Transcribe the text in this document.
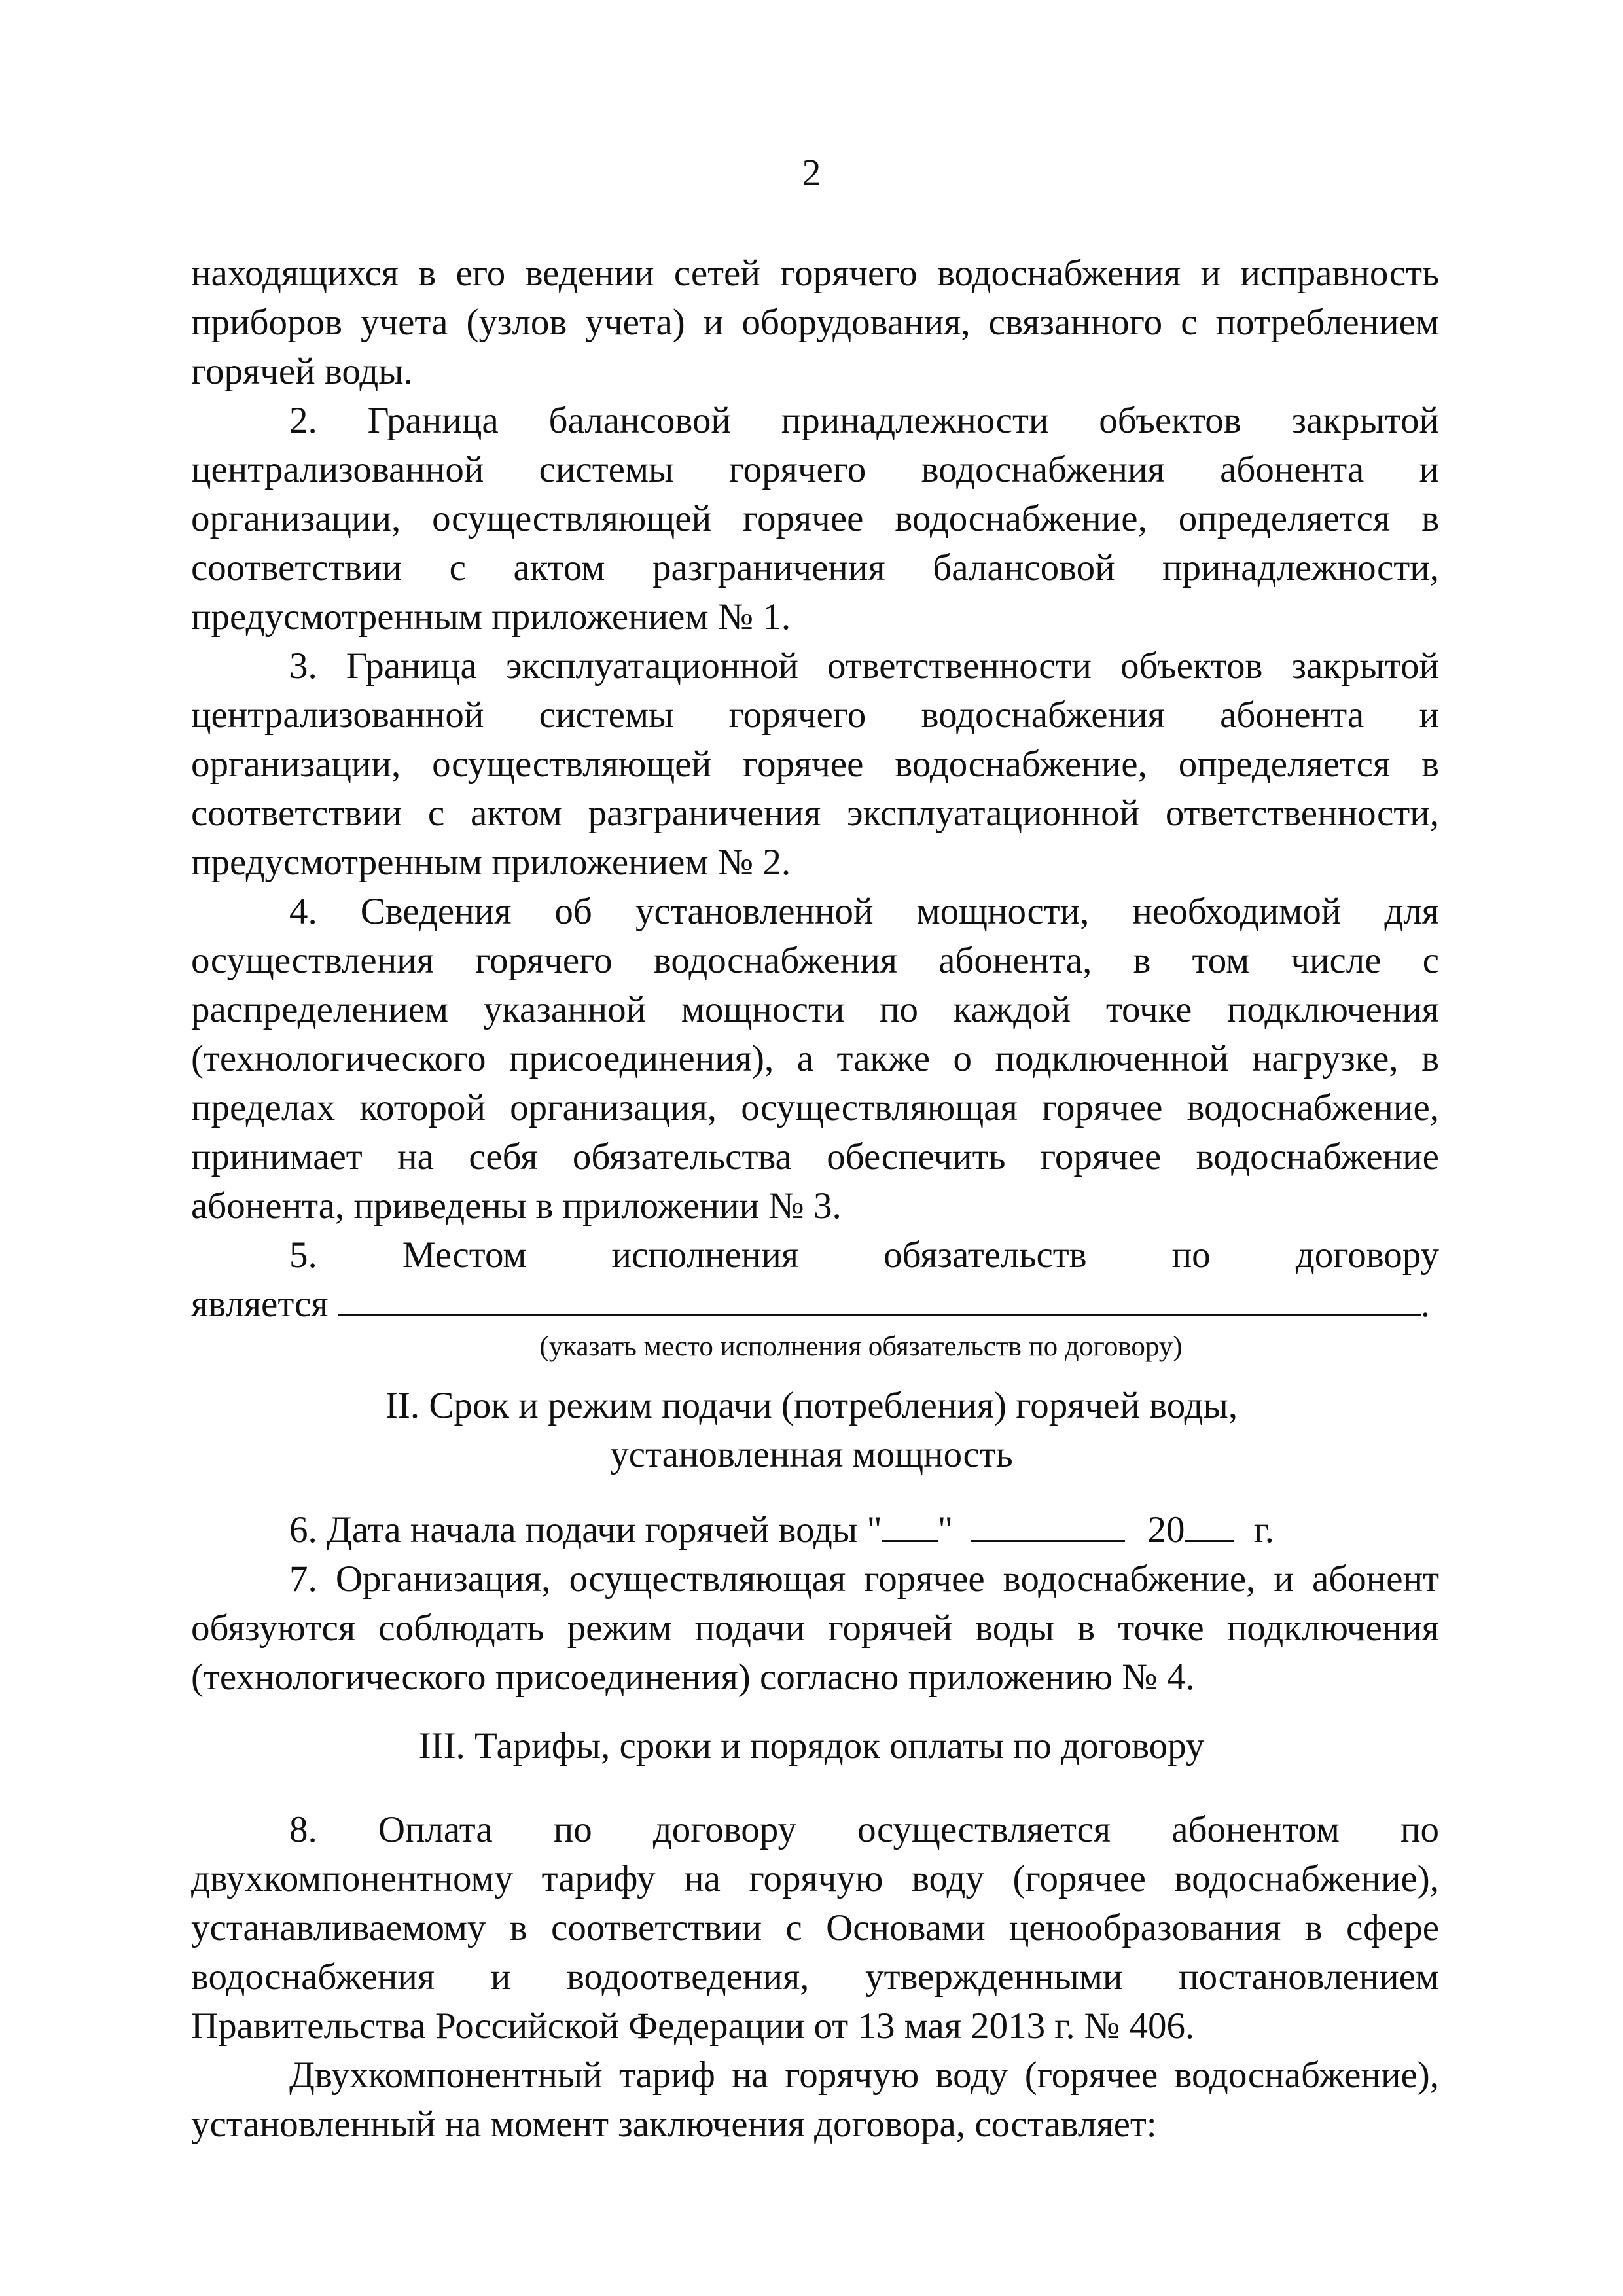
2
находящихся в его ведении сетей горячего водоснабжения и исправность
приборов учета (узлов учета) и оборудования, связанного с потреблением
горячей воды.
2. Граница балансовой принадлежности объектов закрытой
централизованной системы горячего водоснабжения абонента и
организации, осуществляющей горячее водоснабжение, определяется в
соответствии с актом разграничения балансовой принадлежности,
предусмотренным приложением № 1.
3. Граница эксплуатационной ответственности объектов закрытой
централизованной системы горячего водоснабжения абонента и
организации, осуществляющей горячее водоснабжение, определяется в
соответствии с актом разграничения эксплуатационной ответственности,
предусмотренным приложением № 2.
4. Сведения об установленной мощности, необходимой для
осуществления горячего водоснабжения абонента, в том числе с
распределением указанной мощности по каждой точке подключения
(технологического присоединения), а также о подключенной нагрузке, в
пределах которой организация, осуществляющая горячее водоснабжение,
принимает на себя обязательства обеспечить горячее водоснабжение
абонента, приведены в приложении № 3.
5. Местом исполнения обязательств по договору
является	.
(указать место исполнения обязательств по договору)
II. Срок и режим подачи (потребления) горячей воды,
установленная мощность
6. Дата начала подачи горячей воды " "	20 г.
7. Организация, осуществляющая горячее водоснабжение, и абонент
обязуются соблюдать режим подачи горячей воды в точке подключения
(технологического присоединения) согласно приложению № 4.
III. Тарифы, сроки и порядок оплаты по договору
8. Оплата по договору осуществляется абонентом по
двухкомпонентному тарифу на горячую воду (горячее водоснабжение),
устанавливаемому в соответствии с Основами ценообразования в сфере
водоснабжения и водоотведения, утвержденными постановлением
Правительства Российской Федерации от 13 мая 2013 г. № 406.
Двухкомпонентный тариф на горячую воду (горячее водоснабжение),
установленный на момент заключения договора, составляет:
